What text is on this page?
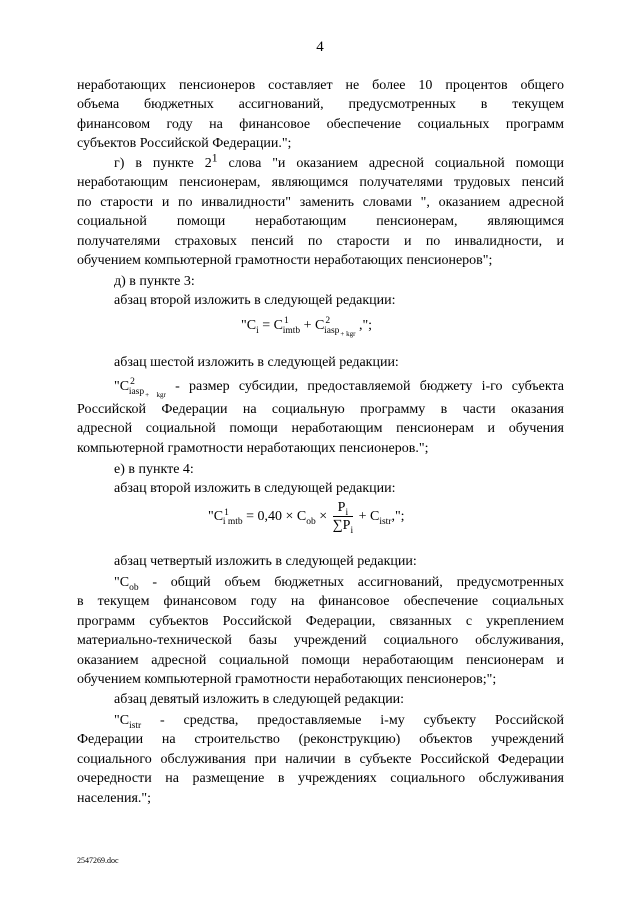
4
неработающих пенсионеров составляет не более 10 процентов общего
объема бюджетных ассигнований, предусмотренных в текущем
финансовом году на финансовое обеспечение социальных программ
субъектов Российской Федерации.";
г) в пункте $2^1$ слова "и оказанием адресной социальной помощи
неработающим пенсионерам, являющимся получателями трудовых пенсий
по старости и по инвалидности" заменить словами ", оказанием адресной
социальной помощи неработающим пенсионерам, являющимся
получателями страховых пенсий по старости и по инвалидности, и
обучением компьютерной грамотности неработающих пенсионеров";
д) в пункте 3:
абзац второй изложить в следующей редакции:
"$C_i = C^1_{imtb} + C^2_{iasp_{+ kgr}}$ ,";
абзац шестой изложить в следующей редакции:
"$C^2_{iasp_{+ kgr}}$ - размер субсидии, предоставляемой бюджету i-го субъекта
Российской Федерации на социальную программу в части оказания
адресной социальной помощи неработающим пенсионерам и обучения
компьютерной грамотности неработающих пенсионеров.";
е) в пункте 4:
абзац второй изложить в следующей редакции:
"$C^1_{i mtb} = 0,40 \times C_{ob} \times \frac{P_i}{\sum P_i} + C_{istr}$,";
абзац четвертый изложить в следующей редакции:
"$C_{ob}$ - общий объем бюджетных ассигнований, предусмотренных
в текущем финансовом году на финансовое обеспечение социальных
программ субъектов Российской Федерации, связанных с укреплением
материально-технической базы учреждений социального обслуживания,
оказанием адресной социальной помощи неработающим пенсионерам и
обучением компьютерной грамотности неработающих пенсионеров;";
абзац девятый изложить в следующей редакции:
"$C_{istr}$ - средства, предоставляемые i-му субъекту Российской
Федерации на строительство (реконструкцию) объектов учреждений
социального обслуживания при наличии в субъекте Российской Федерации
очередности на размещение в учреждениях социального обслуживания
населения.";
2547269.doc
